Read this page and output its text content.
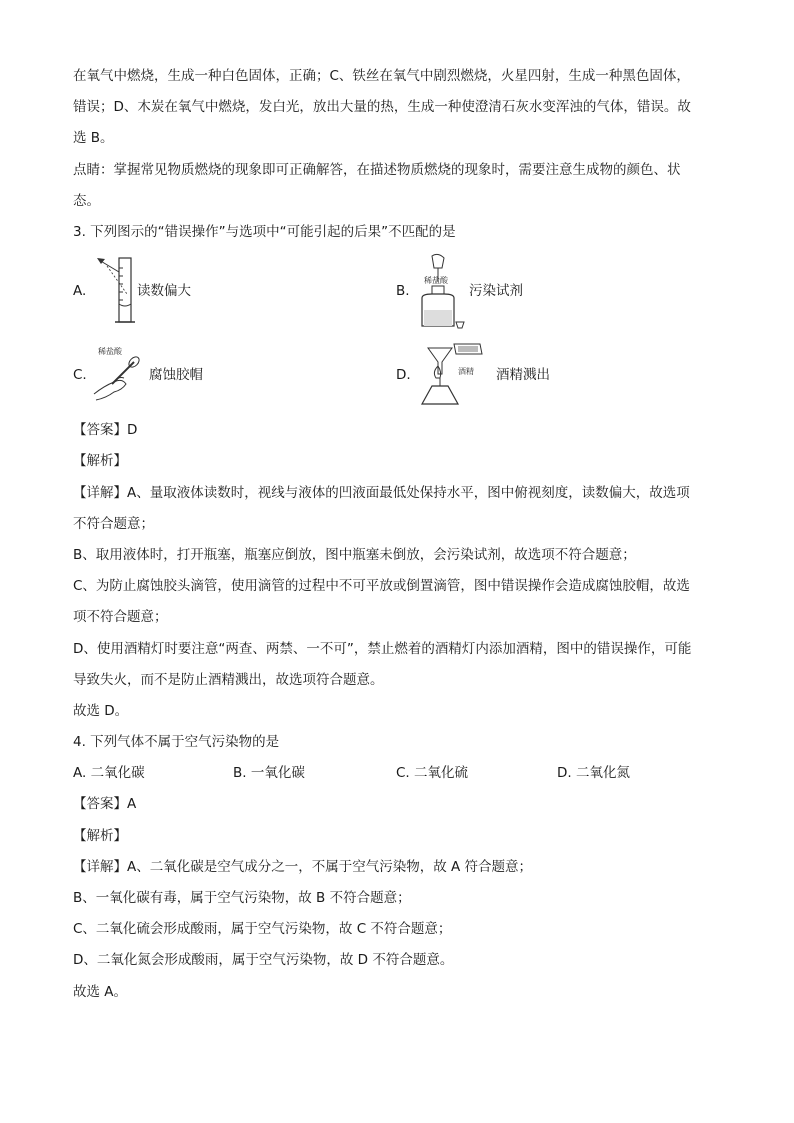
在氧气中燃烧，生成一种白色固体，正确；C、铁丝在氧气中剧烈燃烧，火星四射，生成一种黑色固体，
错误；D、木炭在氧气中燃烧，发白光，放出大量的热，生成一种使澄清石灰水变浑浊的气体，错误。故
选 B。
点睛：掌握常见物质燃烧的现象即可正确解答，在描述物质燃烧的现象时，需要注意生成物的颜色、状
态。
3. 下列图示的“错误操作”与选项中“可能引起的后果”不匹配的是
A.	读数偏大	B.
稀盐酸
污染试剂
C.
稀盐酸
腐蚀胶帽	D.	酒精 酒精溅出
【答案】D
【解析】
【详解】A、量取液体读数时，视线与液体的凹液面最低处保持水平，图中俯视刻度，读数偏大，故选项
不符合题意；
B、取用液体时，打开瓶塞，瓶塞应倒放，图中瓶塞未倒放，会污染试剂，故选项不符合题意；
C、为防止腐蚀胶头滴管，使用滴管的过程中不可平放或倒置滴管，图中错误操作会造成腐蚀胶帽，故选
项不符合题意；
D、使用酒精灯时要注意“两查、两禁、一不可”，禁止燃着的酒精灯内添加酒精，图中的错误操作，可能
导致失火，而不是防止酒精溅出，故选项符合题意。
故选 D。
4. 下列气体不属于空气污染物的是
A. 二氧化碳	B. 一氧化碳	C. 二氧化硫	D. 二氧化氮
【答案】A
【解析】
【详解】A、二氧化碳是空气成分之一，不属于空气污染物，故 A 符合题意；
B、一氧化碳有毒，属于空气污染物，故 B 不符合题意；
C、二氧化硫会形成酸雨，属于空气污染物，故 C 不符合题意；
D、二氧化氮会形成酸雨，属于空气污染物，故 D 不符合题意。
故选 A。
